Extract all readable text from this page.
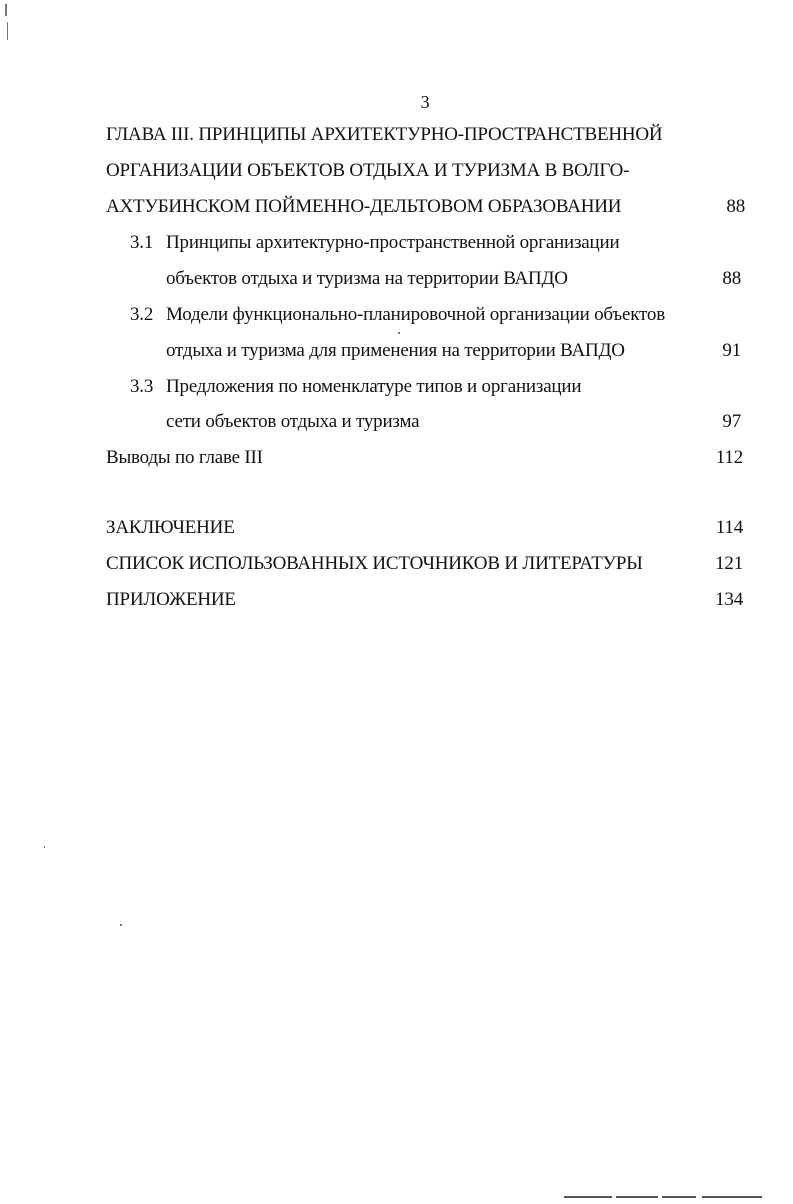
3
ГЛАВА III. ПРИНЦИПЫ АРХИТЕКТУРНО-ПРОСТРАНСТВЕННОЙ
ОРГАНИЗАЦИИ ОБЪЕКТОВ ОТДЫХА И ТУРИЗМА В ВОЛГО-
АХТУБИНСКОМ ПОЙМЕННО-ДЕЛЬТОВОМ ОБРАЗОВАНИИ	88
3.1 Принципы архитектурно-пространственной организации
объектов отдыха и туризма на территории ВАПДО	88
3.2 Модели функционально-планировочной организации объектов
отдыха и туризма для применения на территории ВАПДО	91
3.3 Предложения по номенклатуре типов и организации
сети объектов отдыха и туризма	97
Выводы по главе III	112
ЗАКЛЮЧЕНИЕ	114
СПИСОК ИСПОЛЬЗОВАННЫХ ИСТОЧНИКОВ И ЛИТЕРАТУРЫ	121
ПРИЛОЖЕНИЕ	134
